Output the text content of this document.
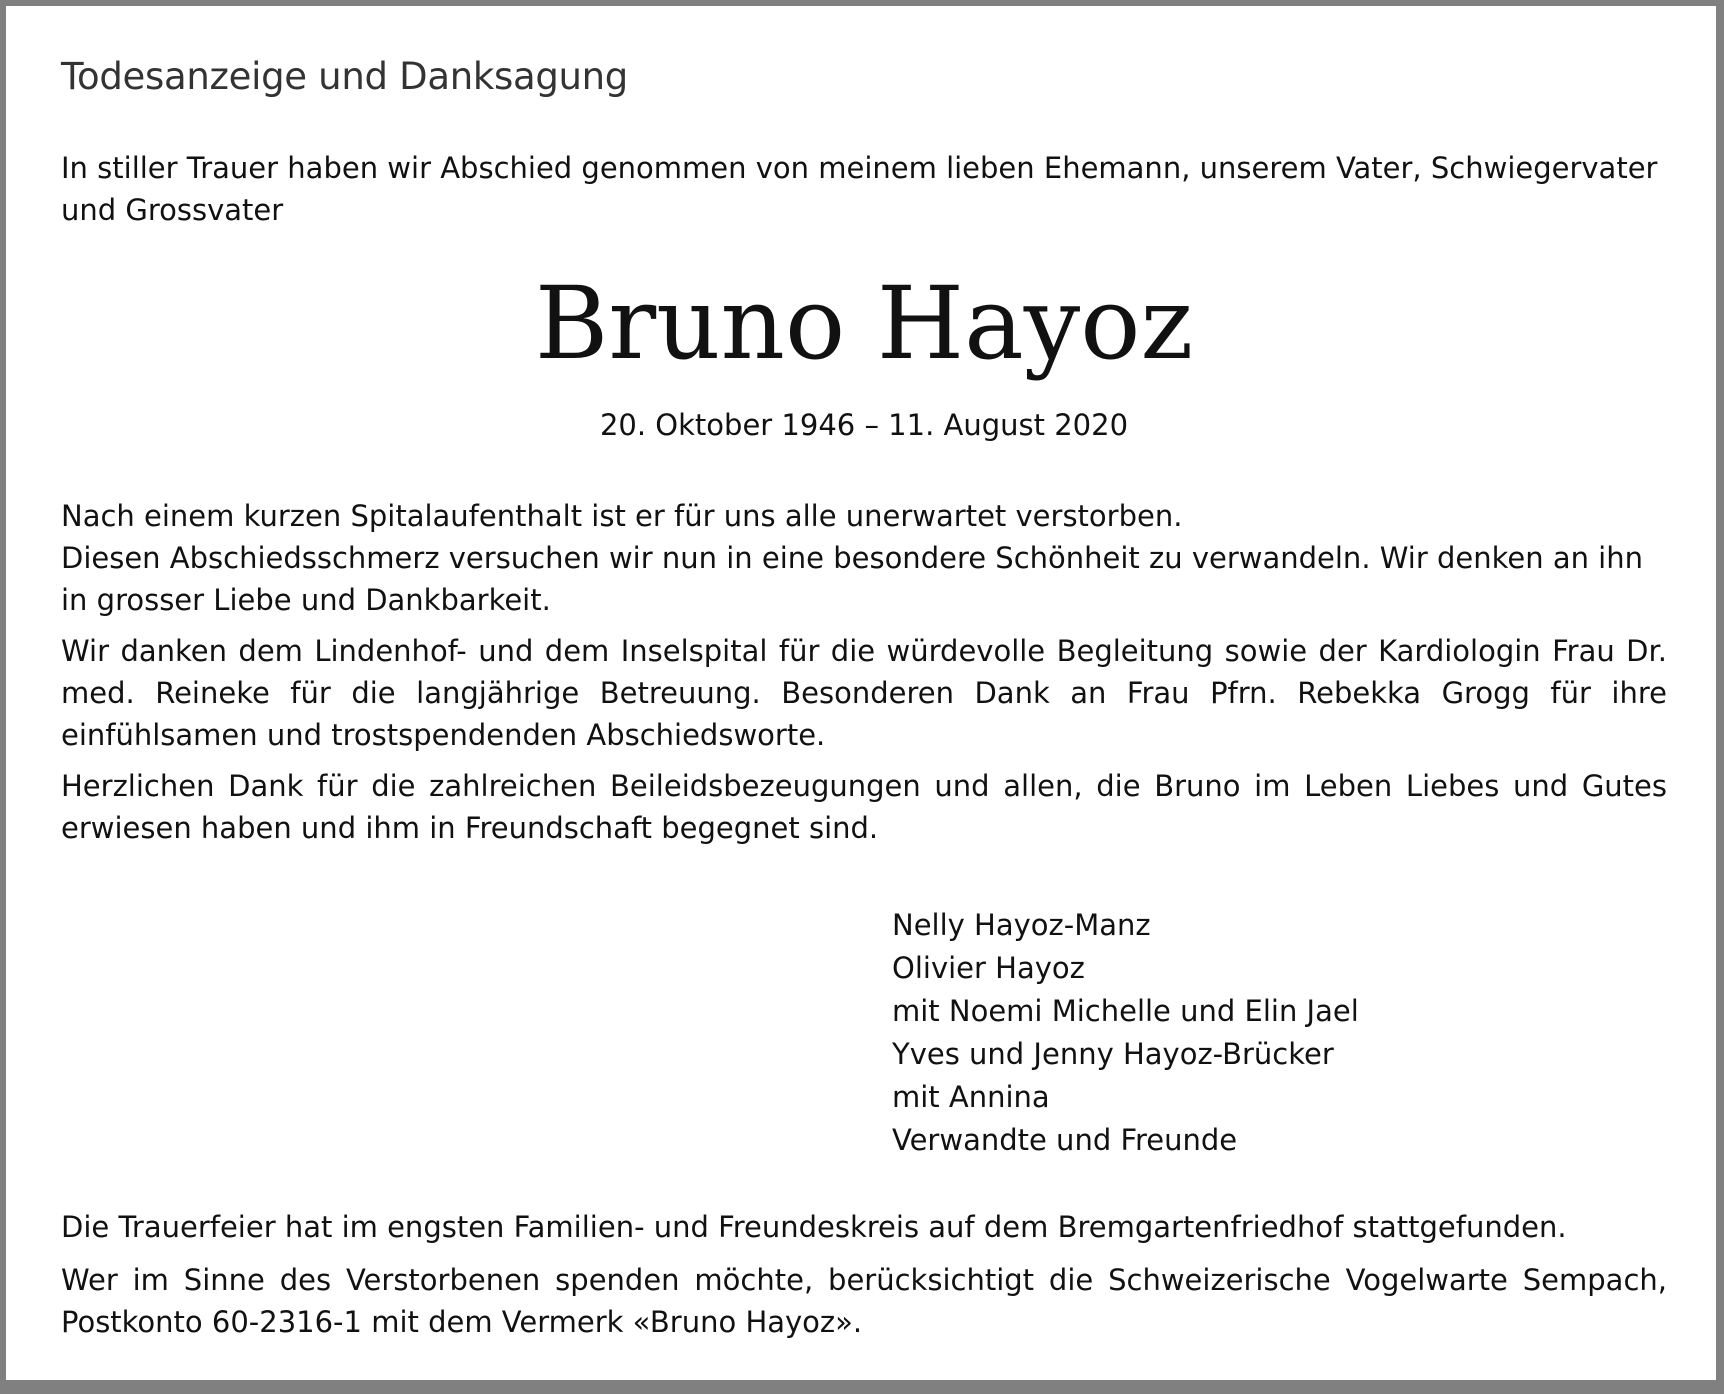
Todesanzeige und Danksagung
In stiller Trauer haben wir Abschied genommen von meinem lieben Ehemann, unserem Vater, Schwiegervater und Grossvater
Bruno Hayoz
20. Oktober 1946 – 11. August 2020

Nach einem kurzen Spitalaufenthalt ist er für uns alle unerwartet verstorben.
Diesen Abschiedsschmerz versuchen wir nun in eine besondere Schönheit zu verwandeln. Wir denken an ihn in grosser Liebe und Dankbarkeit.

Wir danken dem Lindenhof- und dem Inselspital für die würdevolle Begleitung sowie der Kardiologin Frau Dr. med. Reineke für die langjährige Betreuung. Besonderen Dank an Frau Pfrn. Rebekka Grogg für ihre einfühlsamen und trostspendenden Abschiedsworte.

Herzlichen Dank für die zahlreichen Beileidsbezeugungen und allen, die Bruno im Leben Liebes und Gutes erwiesen haben und ihm in Freundschaft begegnet sind.

Nelly Hayoz-Manz
Olivier Hayoz
mit Noemi Michelle und Elin Jael
Yves und Jenny Hayoz-Brücker
mit Annina
Verwandte und Freunde

Die Trauerfeier hat im engsten Familien- und Freundeskreis auf dem Bremgartenfriedhof stattgefunden.

Wer im Sinne des Verstorbenen spenden möchte, berücksichtigt die Schweizerische Vogelwarte Sempach, Postkonto 60-2316-1 mit dem Vermerk «Bruno Hayoz».
